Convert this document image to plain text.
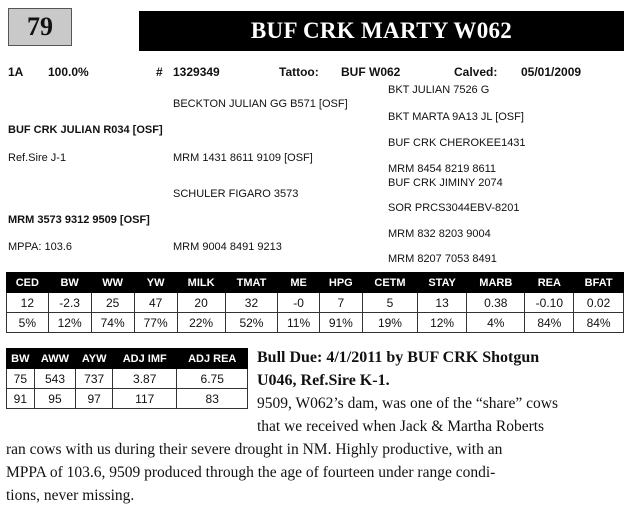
79	BUF CRK MARTY W062
1A 100.0%	# 1329349	Tattoo: BUF W062	Calved: 05/01/2009
BKT JULIAN 7526 G
BECKTON JULIAN GG B571 [OSF]
BKT MARTA 9A13 JL [OSF]
BUF CRK JULIAN R034 [OSF]
BUF CRK CHEROKEE1431
Ref.Sire J-1	MRM 1431 8611 9109 [OSF]
MRM 8454 8219 8611
BUF CRK JIMINY 2074
SCHULER FIGARO 3573
SOR PRCS3044EBV-8201
MRM 3573 9312 9509 [OSF]
MRM 832 8203 9004
MPPA: 103.6	MRM 9004 8491 9213
MRM 8207 7053 8491
CED	BW	WW	YW	MILK	TMAT	ME	HPG	CETM	STAY	MARB	REA	BFAT
12	-2.3	25	47	20	32	-0	7	5	13	0.38	-0.10	0.02
5%	12%	74%	77%	22%	52%	11%	91%	19%	12%	4%	84%	84%
BW	AWW	AYW	ADJ IMF	ADJ REA
75	543	737	3.87	6.75
91	95	97	117	83
Bull Due: 4/1/2011 by BUF CRK Shotgun
U046, Ref.Sire K-1.
9509, W062’s dam, was one of the “share” cows
that we received when Jack & Martha Roberts
ran cows with us during their severe drought in NM. Highly productive, with an
MPPA of 103.6, 9509 produced through the age of fourteen under range condi-
tions, never missing.
